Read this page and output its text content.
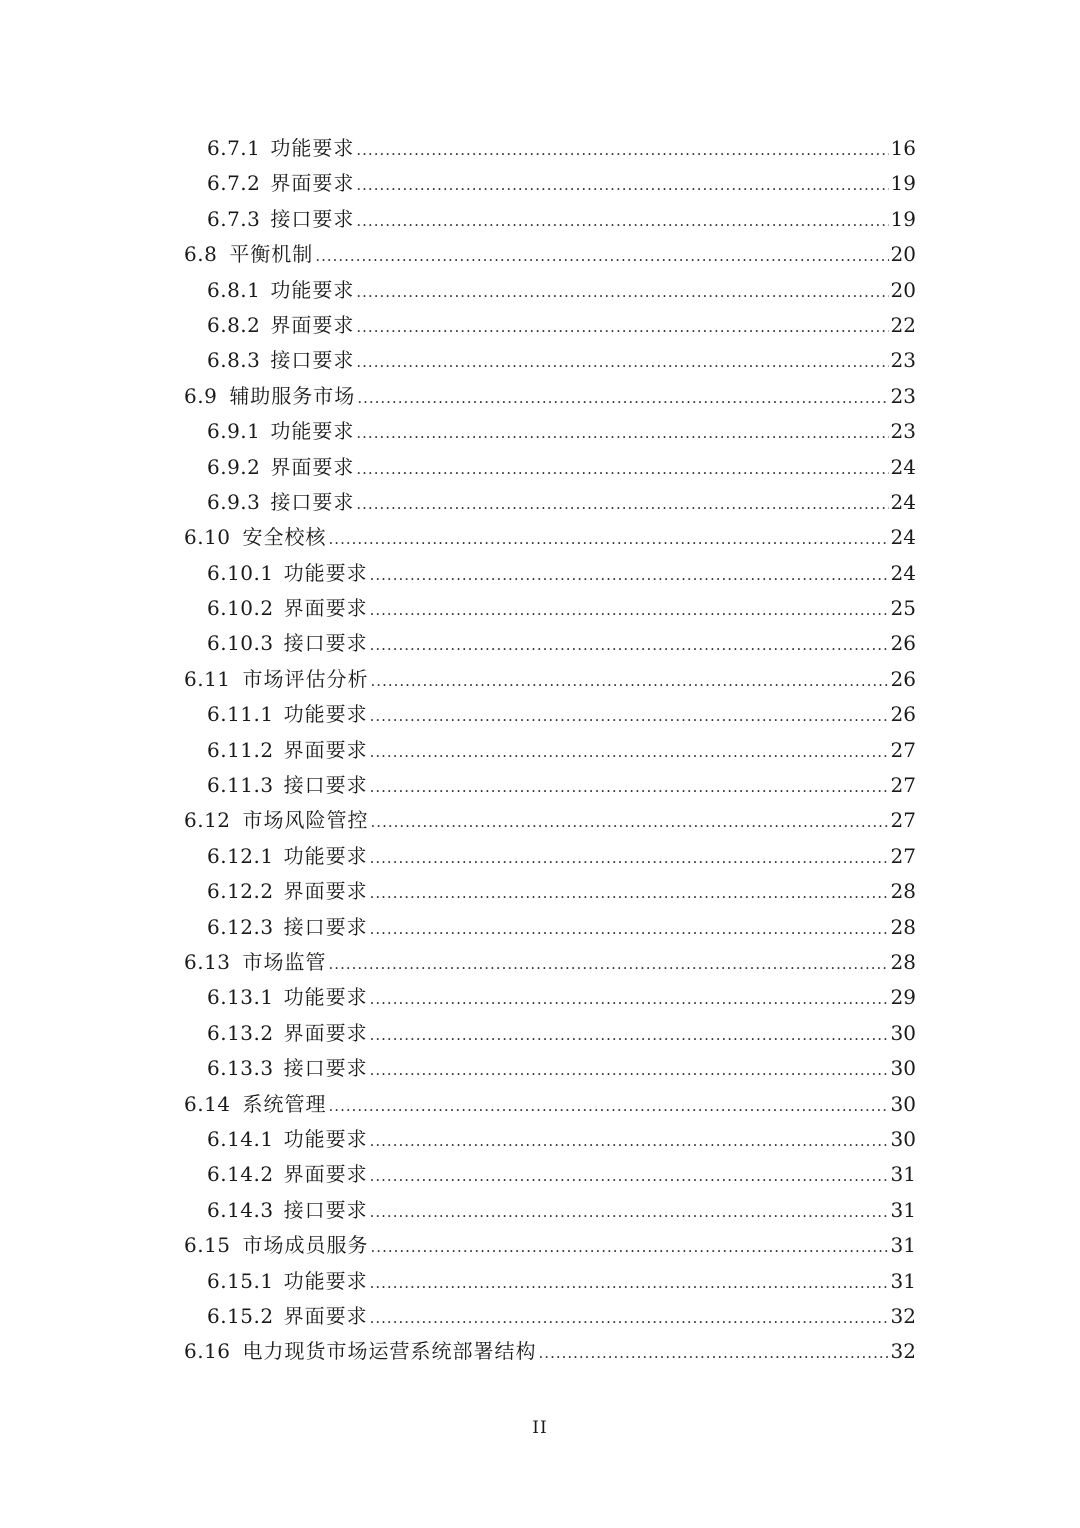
6.7.1 功能要求 .....	16
6.7.2 界面要求 .....	19
6.7.3 接口要求 .....	19
6.8 平衡机制 .....	20
6.8.1 功能要求 .....	20
6.8.2 界面要求 .....	22
6.8.3 接口要求 .....	23
6.9 辅助服务市场 .....	23
6.9.1 功能要求 .....	23
6.9.2 界面要求 .....	24
6.9.3 接口要求 .....	24
6.10 安全校核 .....	24
6.10.1 功能要求 .....	24
6.10.2 界面要求 .....	25
6.10.3 接口要求 .....	26
6.11 市场评估分析 .....	26
6.11.1 功能要求 .....	26
6.11.2 界面要求 .....	27
6.11.3 接口要求 .....	27
6.12 市场风险管控 .....	27
6.12.1 功能要求 .....	27
6.12.2 界面要求 .....	28
6.12.3 接口要求 .....	28
6.13 市场监管 .....	28
6.13.1 功能要求 .....	29
6.13.2 界面要求 .....	30
6.13.3 接口要求 .....	30
6.14 系统管理 .....	30
6.14.1 功能要求 .....	30
6.14.2 界面要求 .....	31
6.14.3 接口要求 .....	31
6.15 市场成员服务 .....	31
6.15.1 功能要求 .....	31
6.15.2 界面要求 .....	32
6.16 电力现货市场运营系统部署结构 .....	32
II
